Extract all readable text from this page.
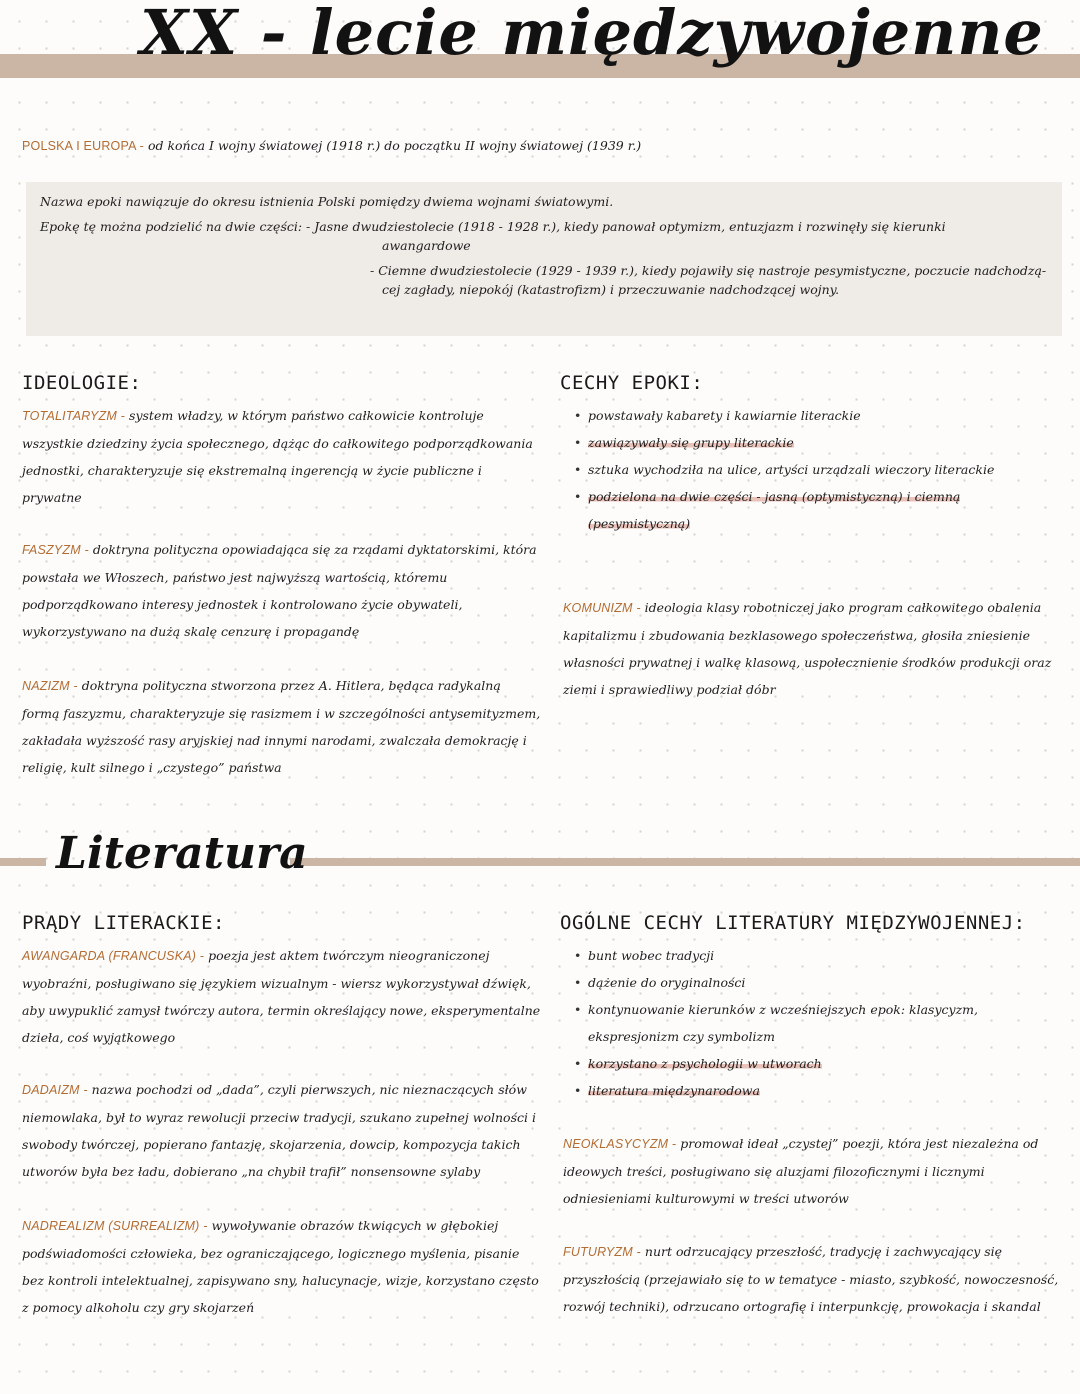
XX - lecie międzywojenne
POLSKA I EUROPA - od końca I wojny światowej (1918 r.) do początku II wojny światowej (1939 r.)

Nazwa epoki nawiązuje do okresu istnienia Polski pomiędzy dwiema wojnami światowymi.

Epokę tę można podzielić na dwie części: - Jasne dwudziestolecie (1918 - 1928 r.), kiedy panował optymizm, entuzjazm i rozwinęły się kierunki

awangardowe

- Ciemne dwudziestolecie (1929 - 1939 r.), kiedy pojawiły się nastroje pesymistyczne, poczucie nadchodzą-

cej zagłady, niepokój (katastrofizm) i przeczuwanie nadchodzącej wojny.

IDEOLOGIE:

TOTALITARYZM - system władzy, w którym państwo całkowicie kontroluje wszystkie dziedziny życia społecznego, dążąc do całkowitego podporządkowania jednostki, charakteryzuje się ekstremalną ingerencją w życie publiczne i prywatne

FASZYZM - doktryna polityczna opowiadająca się za rządami dyktatorskimi, która powstała we Włoszech, państwo jest najwyższą wartością, któremu podporządkowano interesy jednostek i kontrolowano życie obywateli, wykorzystywano na dużą skalę cenzurę i propagandę

NAZIZM - doktryna polityczna stworzona przez A. Hitlera, będąca radykalną formą faszyzmu, charakteryzuje się rasizmem i w szczególności antysemityzmem, zakładała wyższość rasy aryjskiej nad innymi narodami, zwalczała demokrację i religię, kult silnego i „czystego” państwa

CECHY EPOKI:
• powstawały kabarety i kawiarnie literackie
• zawiązywały się grupy literackie
• sztuka wychodziła na ulice, artyści urządzali wieczory literackie
• podzielona na dwie części - jasną (optymistyczną) i ciemną (pesymistyczną)

KOMUNIZM - ideologia klasy robotniczej jako program całkowitego obalenia kapitalizmu i zbudowania bezklasowego społeczeństwa, głosiła zniesienie własności prywatnej i walkę klasową, uspołecznienie środków produkcji oraz ziemi i sprawiedliwy podział dóbr

Literatura
PRĄDY LITERACKIE:

AWANGARDA (FRANCUSKA) - poezja jest aktem twórczym nieograniczonej wyobraźni, posługiwano się językiem wizualnym - wiersz wykorzystywał dźwięk, aby uwypuklić zamysł twórczy autora, termin określający nowe, eksperymentalne dzieła, coś wyjątkowego

DADAIZM - nazwa pochodzi od „dada”, czyli pierwszych, nic nieznaczących słów niemowlaka, był to wyraz rewolucji przeciw tradycji, szukano zupełnej wolności i swobody twórczej, popierano fantazję, skojarzenia, dowcip, kompozycja takich utworów była bez ładu, dobierano „na chybił trafił” nonsensowne sylaby

NADREALIZM (SURREALIZM) - wywoływanie obrazów tkwiących w głębokiej podświadomości człowieka, bez ograniczającego, logicznego myślenia, pisanie bez kontroli intelektualnej, zapisywano sny, halucynacje, wizje, korzystano często z pomocy alkoholu czy gry skojarzeń

OGÓLNE CECHY LITERATURY MIĘDZYWOJENNEJ:
• bunt wobec tradycji
• dążenie do oryginalności
• kontynuowanie kierunków z wcześniejszych epok: klasycyzm, ekspresjonizm czy symbolizm
• korzystano z psychologii w utworach
• literatura międzynarodowa

NEOKLASYCYZM - promował ideał „czystej” poezji, która jest niezależna od ideowych treści, posługiwano się aluzjami filozoficznymi i licznymi odniesieniami kulturowymi w treści utworów

FUTURYZM - nurt odrzucający przeszłość, tradycję i zachwycający się przyszłością (przejawiało się to w tematyce - miasto, szybkość, nowoczesność, rozwój techniki), odrzucano ortografię i interpunkcję, prowokacja i skandal
